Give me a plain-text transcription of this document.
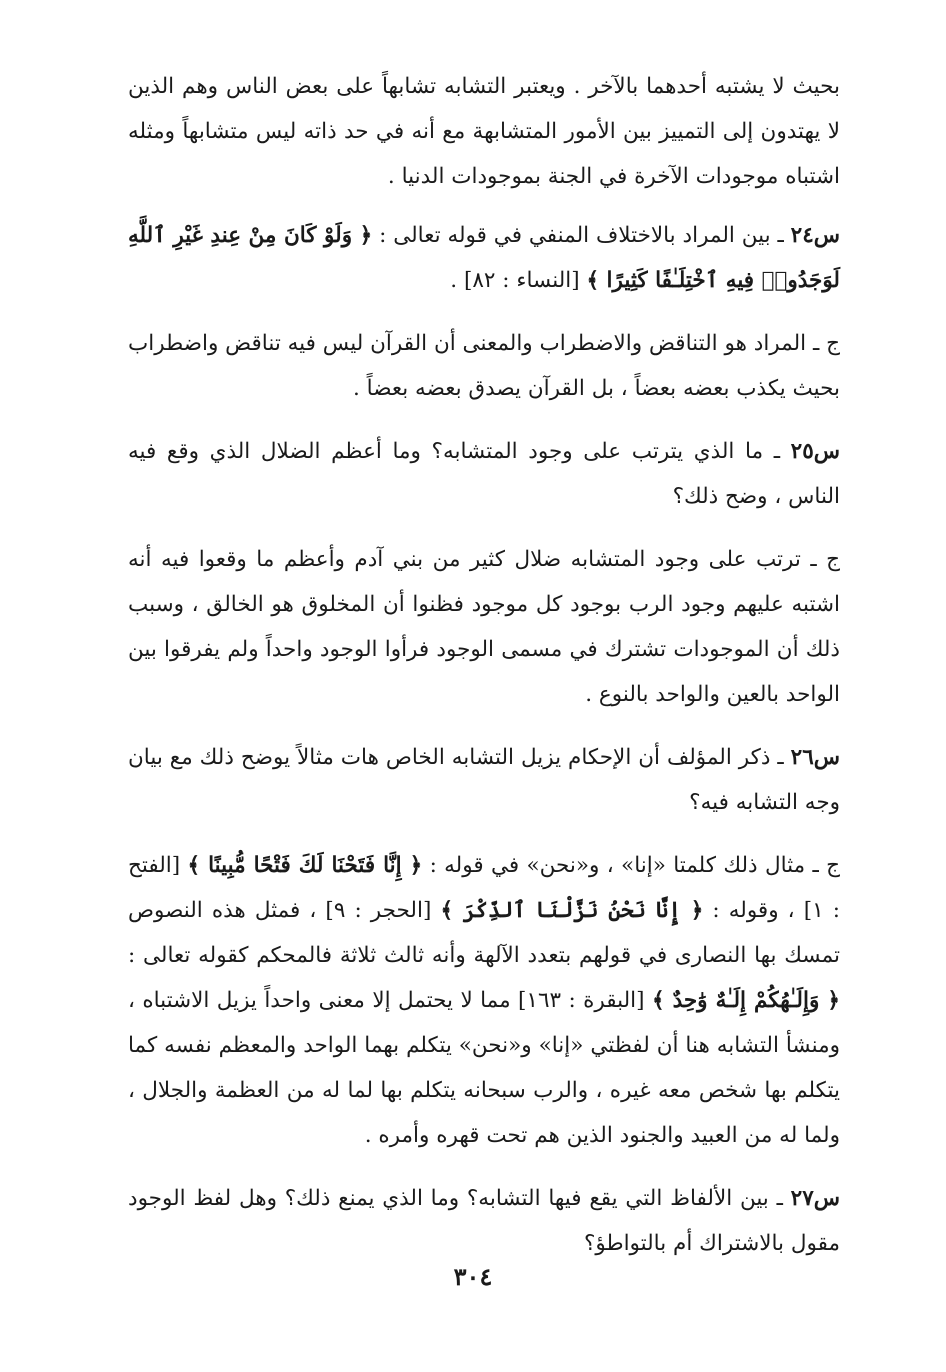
بحيث لا يشتبه أحدهما بالآخر . ويعتبر التشابه تشابهاً على بعض الناس وهم الذين لا يهتدون إلى التمييز بين الأمور المتشابهة مع أنه في حد ذاته ليس متشابهاً ومثله اشتباه موجودات الآخرة في الجنة بموجودات الدنيا .

س٢٤ ـ بين المراد بالاختلاف المنفي في قوله تعالى : ﴿ وَلَوْ كَانَ مِنْ عِندِ غَيْرِ ٱللَّهِ لَوَجَدُوا۟ فِيهِ ٱخْتِلَـٰفًا كَثِيرًا ﴾ [النساء : ٨٢] .

ج ـ المراد هو التناقض والاضطراب والمعنى أن القرآن ليس فيه تناقض واضطراب بحيث يكذب بعضه بعضاً ، بل القرآن يصدق بعضه بعضاً .

س٢٥ ـ ما الذي يترتب على وجود المتشابه؟ وما أعظم الضلال الذي وقع فيه الناس ، وضح ذلك؟

ج ـ ترتب على وجود المتشابه ضلال كثير من بني آدم وأعظم ما وقعوا فيه أنه اشتبه عليهم وجود الرب بوجود كل موجود فظنوا أن المخلوق هو الخالق ، وسبب ذلك أن الموجودات تشترك في مسمى الوجود فرأوا الوجود واحداً ولم يفرقوا بين الواحد بالعين والواحد بالنوع .

س٢٦ ـ ذكر المؤلف أن الإحكام يزيل التشابه الخاص هات مثالاً يوضح ذلك مع بيان وجه التشابه فيه؟

ج ـ مثال ذلك كلمتا «إنا» ، و«نحن» في قوله : ﴿ إِنَّا فَتَحْنَا لَكَ فَتْحًا مُّبِينًا ﴾ [الفتح : ١] ، وقوله : ﴿ إِنَّا نَحْنُ نَزَّلْنَا ٱلذِّكْرَ ﴾ [الحجر : ٩] ، فمثل هذه النصوص تمسك بها النصارى في قولهم بتعدد الآلهة وأنه ثالث ثلاثة فالمحكم كقوله تعالى : ﴿ وَإِلَـٰهُكُمْ إِلَـٰهٌ وَٰحِدٌ ﴾ [البقرة : ١٦٣] مما لا يحتمل إلا معنى واحداً يزيل الاشتباه ، ومنشأ التشابه هنا أن لفظتي «إنا» و«نحن» يتكلم بهما الواحد والمعظم نفسه كما يتكلم بها شخص معه غيره ، والرب سبحانه يتكلم بها لما له من العظمة والجلال ، ولما له من العبيد والجنود الذين هم تحت قهره وأمره .

س٢٧ ـ بين الألفاظ التي يقع فيها التشابه؟ وما الذي يمنع ذلك؟ وهل لفظ الوجود مقول بالاشتراك أم بالتواطؤ؟

٣٠٤
